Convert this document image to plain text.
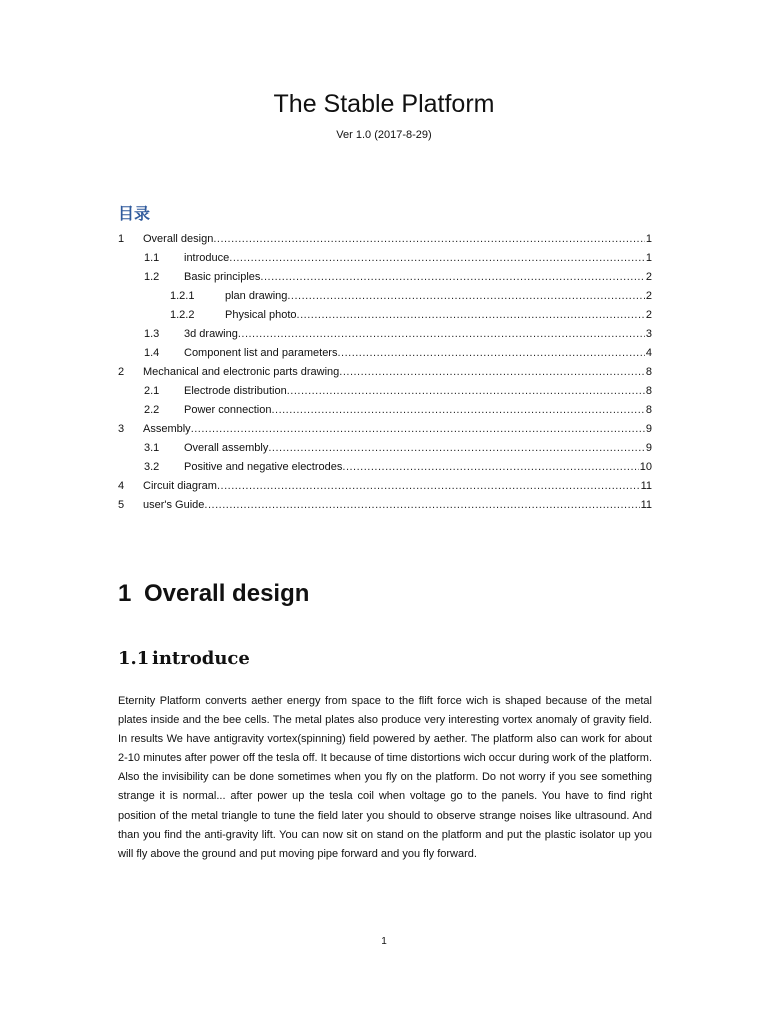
The Stable Platform
Ver 1.0 (2017-8-29)
目录
1	Overall design .....	1
1.1	introduce .....	1
1.2	Basic principles .....	2
1.2.1	plan drawing .....	2
1.2.2	Physical photo .....	2
1.3	3d drawing .....	3
1.4	Component list and parameters .....	4
2	Mechanical and electronic parts drawing .....	8
2.1	Electrode distribution .....	8
2.2	Power connection .....	8
3	Assembly .....	9
3.1	Overall assembly .....	9
3.2	Positive and negative electrodes .....	10
4	Circuit diagram .....	11
5	user's Guide .....	11
1 Overall design
1.1 introduce
Eternity Platform converts aether energy from space to the flift force wich is shaped because of the metal plates inside and the bee cells. The metal plates also produce very interesting vortex anomaly of gravity field. In results We have antigravity vortex(spinning) field powered by aether. The platform also can work for about 2-10 minutes after power off the tesla off. It because of time distortions wich occur during work of the platform. Also the invisibility can be done sometimes when you fly on the platform. Do not worry if you see something strange it is normal... after power up the tesla coil when voltage go to the panels. You have to find right position of the metal triangle to tune the field later you should to observe strange noises like ultrasound. And than you find the anti-gravity lift. You can now sit on stand on the platform and put the plastic isolator up you will fly above the ground and put moving pipe forward and you fly forward.
1
